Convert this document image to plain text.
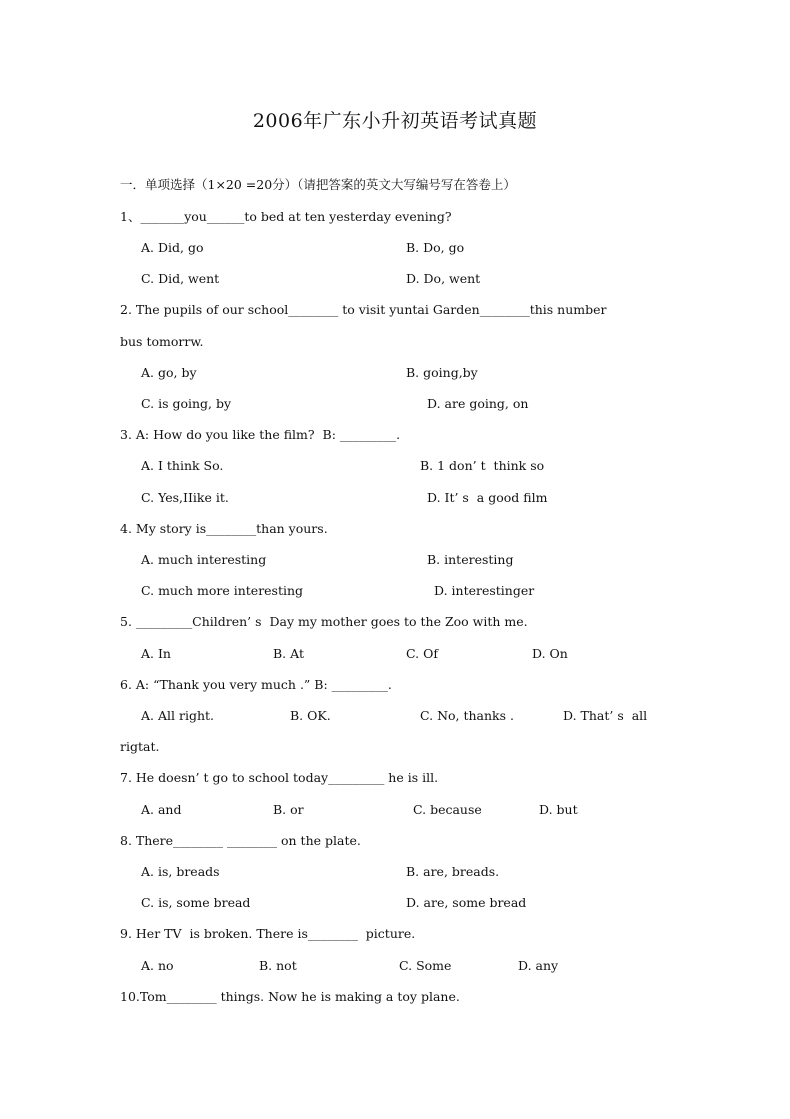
2006年广东小升初英语考试真题
一．单项选择（1×20 =20分）（请把答案的英文大写编号写在答卷上）
1、_______you______to bed at ten yesterday evening?
A. Did, go	B. Do, go
C. Did, went	D. Do, went
2. The pupils of our school________ to visit yuntai Garden________this number
bus tomorrw.
A. go, by	B. going,by
C. is going, by	D. are going, on
3. A: How do you like the film?  B: _________.
A. I think So.	B. 1 don’ t  think so
C. Yes,IIike it.	D. It’ s  a good film
4. My story is________than yours.
A. much interesting	B. interesting
C. much more interesting	D. interestinger
5. _________Children’ s  Day my mother goes to the Zoo with me.
A. In	B. At	C. Of	D. On
6. A: “Thank you very much .” B: _________.
A. All right.	B. OK.	C. No, thanks .	D. That’ s  all
rigtat.
7. He doesn’ t go to school today_________ he is ill.
A. and	B. or	C. because	D. but
8. There________ ________ on the plate.
A. is, breads	B. are, breads.
C. is, some bread	D. are, some bread
9. Her TV  is broken. There is________  picture.
A. no	B. not	C. Some	D. any
10.Tom________ things. Now he is making a toy plane.
